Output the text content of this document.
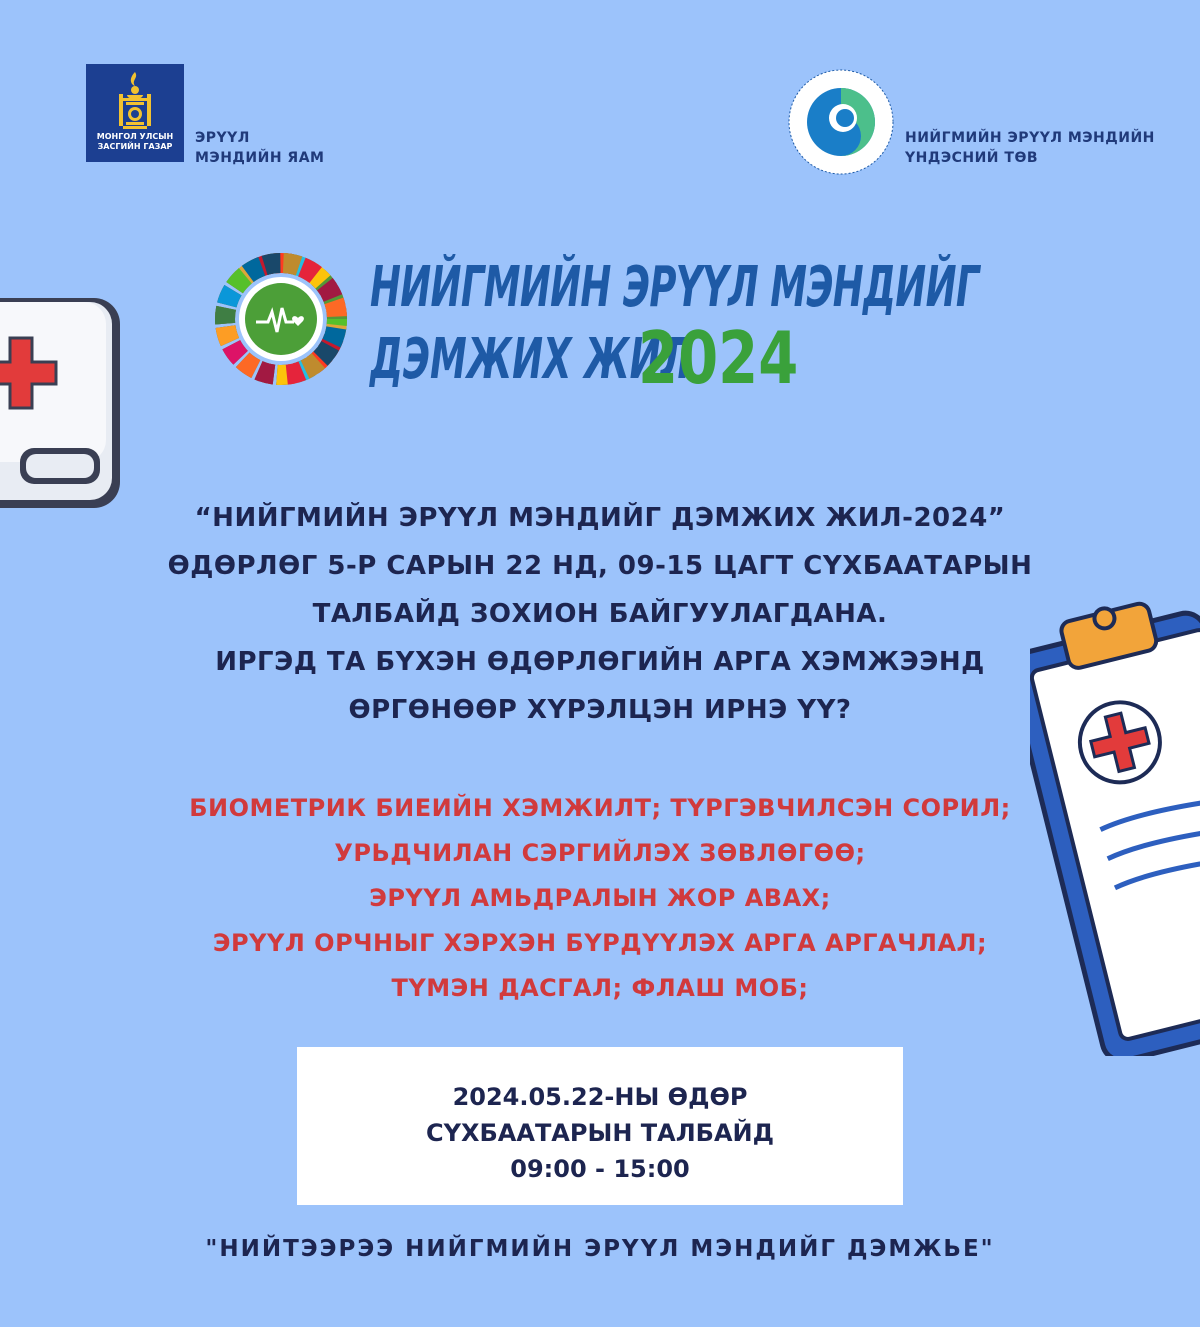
МОНГОЛ УЛСЫН
ЗАСГИЙН ГАЗАР
ЭРҮҮЛ
МЭНДИЙН ЯАМ
НИЙГМИЙН ЭРҮҮЛ МЭНДИЙН
ҮНДЭСНИЙ ТӨВ
НИЙГМИЙН ЭРҮҮЛ МЭНДИЙГ
ДЭМЖИХ ЖИЛ
2024
“НИЙГМИЙН ЭРҮҮЛ МЭНДИЙГ ДЭМЖИХ ЖИЛ-2024”
ӨДӨРЛӨГ 5-Р САРЫН 22 НД, 09-15 ЦАГТ СҮХБААТАРЫН
ТАЛБАЙД ЗОХИОН БАЙГУУЛАГДАНА.
ИРГЭД ТА БҮХЭН ӨДӨРЛӨГИЙН АРГА ХЭМЖЭЭНД
ӨРГӨНӨӨР ХҮРЭЛЦЭН ИРНЭ ҮҮ?
БИОМЕТРИК БИЕИЙН ХЭМЖИЛТ; ТҮРГЭВЧИЛСЭН СОРИЛ;
УРЬДЧИЛАН СЭРГИЙЛЭХ ЗӨВЛӨГӨӨ;
ЭРҮҮЛ АМЬДРАЛЫН ЖОР АВАХ;
ЭРҮҮЛ ОРЧНЫГ ХЭРХЭН БҮРДҮҮЛЭХ АРГА АРГАЧЛАЛ;
ТҮМЭН ДАСГАЛ; ФЛАШ МОБ;
2024.05.22-НЫ ӨДӨР
СҮХБААТАРЫН ТАЛБАЙД
09:00 - 15:00
"НИЙТЭЭРЭЭ НИЙГМИЙН ЭРҮҮЛ МЭНДИЙГ ДЭМЖЬЕ"
